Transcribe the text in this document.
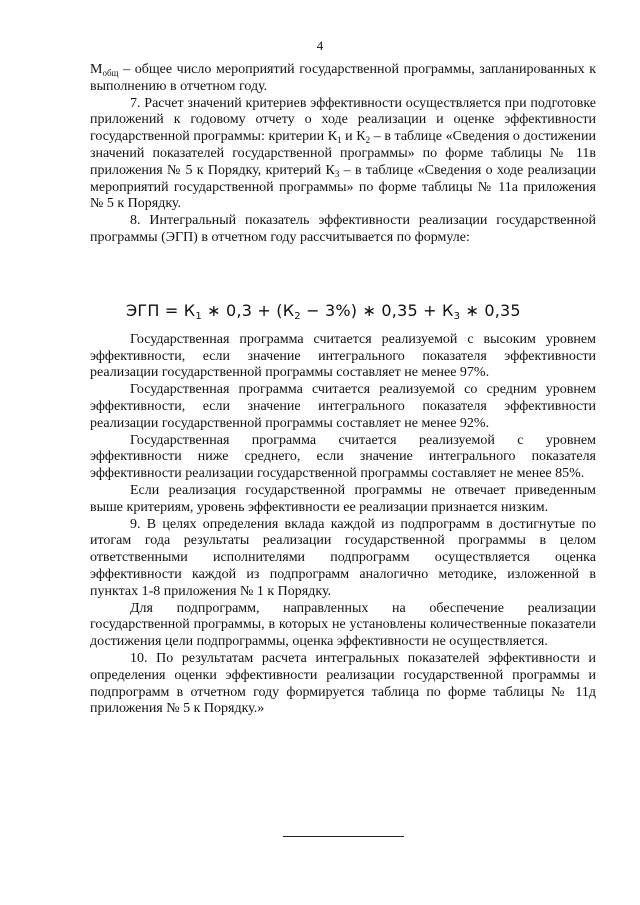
4

$М_{общ}$ – общее число мероприятий государственной программы, запланированных к выполнению в отчетном году.

7. Расчет значений критериев эффективности осуществляется при подготовке приложений к годовому отчету о ходе реализации и оценке эффективности государственной программы: критерии $К_1$ и $К_2$ – в таблице «Сведения о достижении значений показателей государственной программы» по форме таблицы № 11в приложения № 5 к Порядку, критерий $К_3$ – в таблице «Сведения о ходе реализации мероприятий государственной программы» по форме таблицы № 11а приложения № 5 к Порядку.

8. Интегральный показатель эффективности реализации государственной программы (ЭГП) в отчетном году рассчитывается по формуле:

Государственная программа считается реализуемой с высоким уровнем эффективности, если значение интегрального показателя эффективности реализации государственной программы составляет не менее 97%.

Государственная программа считается реализуемой со средним уровнем эффективности, если значение интегрального показателя эффективности реализации государственной программы составляет не менее 92%.

Государственная программа считается реализуемой с уровнем эффективности ниже среднего, если значение интегрального показателя эффективности реализации государственной программы составляет не менее 85%.

Если реализация государственной программы не отвечает приведенным выше критериям, уровень эффективности ее реализации признается низким.

9. В целях определения вклада каждой из подпрограмм в достигнутые по итогам года результаты реализации государственной программы в целом ответственными исполнителями подпрограмм осуществляется оценка эффективности каждой из подпрограмм аналогично методике, изложенной в пунктах 1-8 приложения № 1 к Порядку.

Для подпрограмм, направленных на обеспечение реализации государственной программы, в которых не установлены количественные показатели достижения цели подпрограммы, оценка эффективности не осуществляется.

10. По результатам расчета интегральных показателей эффективности и определения оценки эффективности реализации государственной программы и подпрограмм в отчетном году формируется таблица по форме таблицы № 11д приложения № 5 к Порядку.»

ЭГП = $К_1$ ∗ $0,3 + (К_2 - 3\%)$ ∗ $0,35 + К_3$ ∗ 0,35
